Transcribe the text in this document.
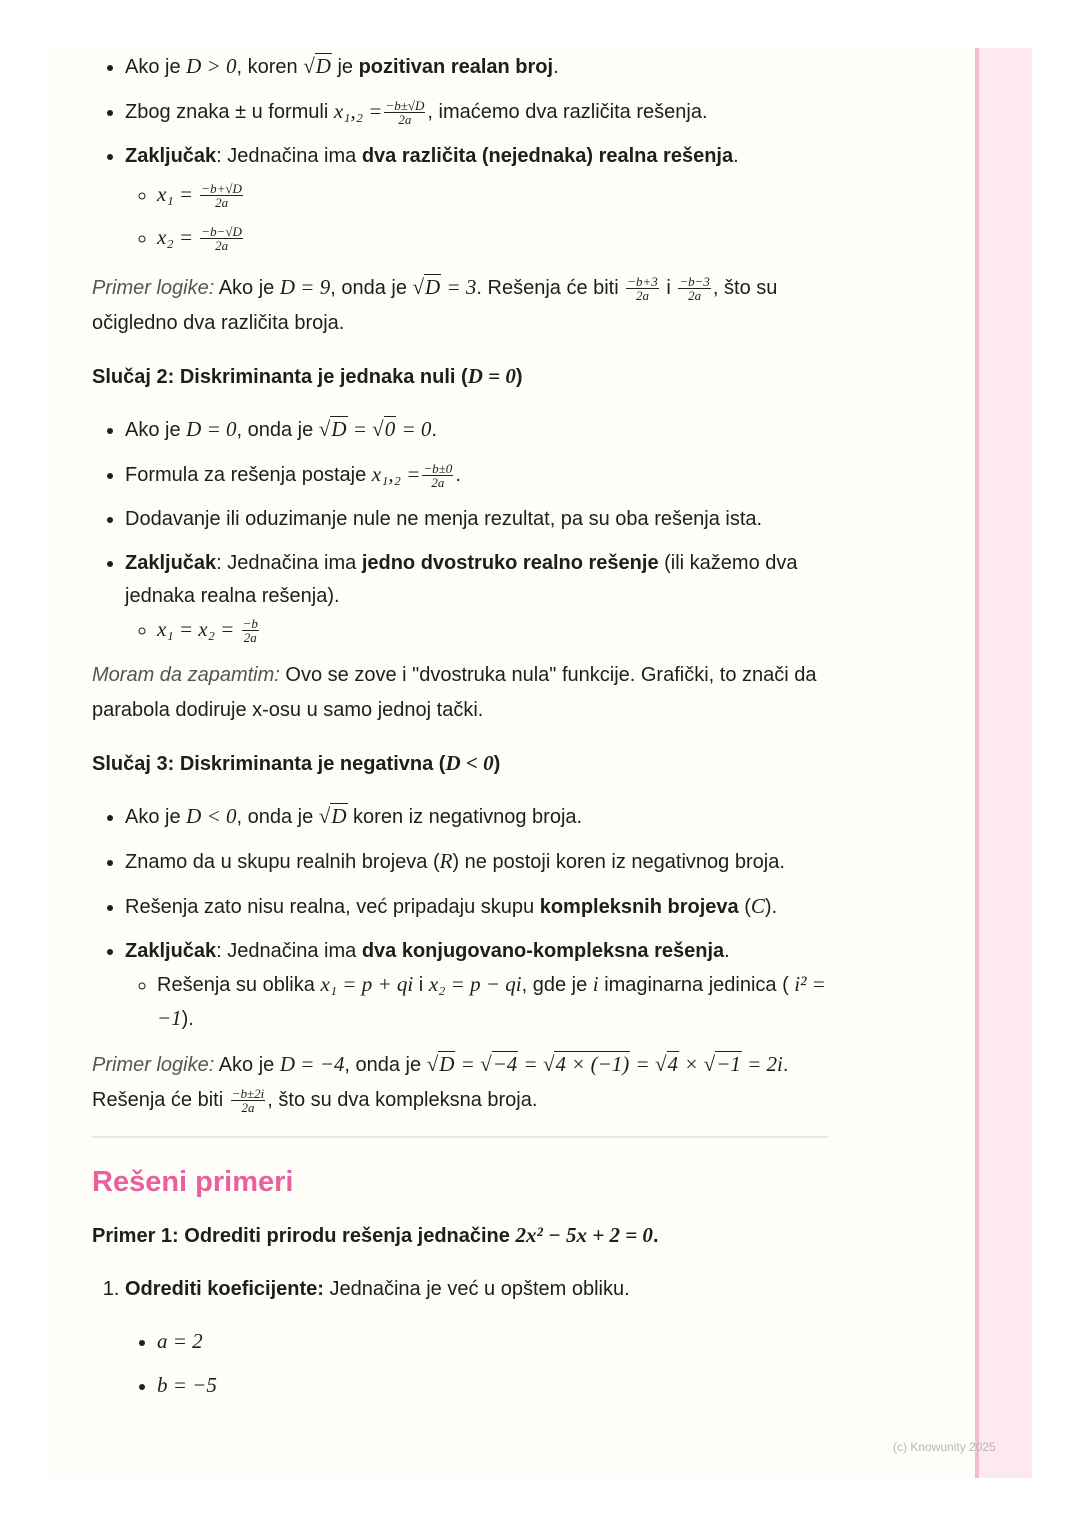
• Ako je D > 0, koren √D je pozitivan realan broj.
• Zbog znaka ± u formuli $x_1,_2 = \frac{-b\pm√D}{2a}$ , imaćemo dva različita rešenja.
• Zaključak: Jednačina ima dva različita (nejednaka) realna rešenja.
◦ $x_1 = \frac{-b+√D}{2a}$
◦ $x_2 = \frac{-b-√D}{2a}$

Primer logike: Ako je D = 9, onda je √D = 3. Rešenja će biti $\frac{-b+3}{2a}$ i $\frac{-b-3}{2a}$ , što su očigledno dva različita broja.

Slučaj 2: Diskriminanta je jednaka nuli (D = 0)
• Ako je D = 0, onda je √D = √0 = 0.
• Formula za rešenja postaje $x_1,_2 = \frac{-b\pm 0}{2a}$ .
• Dodavanje ili oduzimanje nule ne menja rezultat, pa su oba rešenja ista.
• Zaključak: Jednačina ima jedno dvostruko realno rešenje (ili kažemo dva jednaka realna rešenja).
◦ $x_1 = x_2 = \frac{-b}{2a}$

Moram da zapamtim: Ovo se zove i "dvostruka nula" funkcije. Grafički, to znači da parabola dodiruje x-osu u samo jednoj tački.

Slučaj 3: Diskriminanta je negativna (D < 0)
• Ako je D < 0, onda je √D koren iz negativnog broja.
• Znamo da u skupu realnih brojeva (R) ne postoji koren iz negativnog broja.
• Rešenja zato nisu realna, već pripadaju skupu kompleksnih brojeva (C).
• Zaključak: Jednačina ima dva konjugovano-kompleksna rešenja.
◦ Rešenja su oblika x₁ = p + qi i x₂ = p − qi, gde je i imaginarna jedinica ( i² = −1).

Primer logike: Ako je D = −4, onda je √D = √−4 = √4 × (−1) = √4 × √−1 = 2i. Rešenja će biti $\frac{-b\pm 2i}{2a}$ , što su dva kompleksna broja.

Rešeni primeri
Primer 1: Odrediti prirodu rešenja jednačine 2x² − 5x + 2 = 0.
1. Odrediti koeficijente: Jednačina je već u opštem obliku.
• a = 2
• b = −5
(c) Knowunity 2025
